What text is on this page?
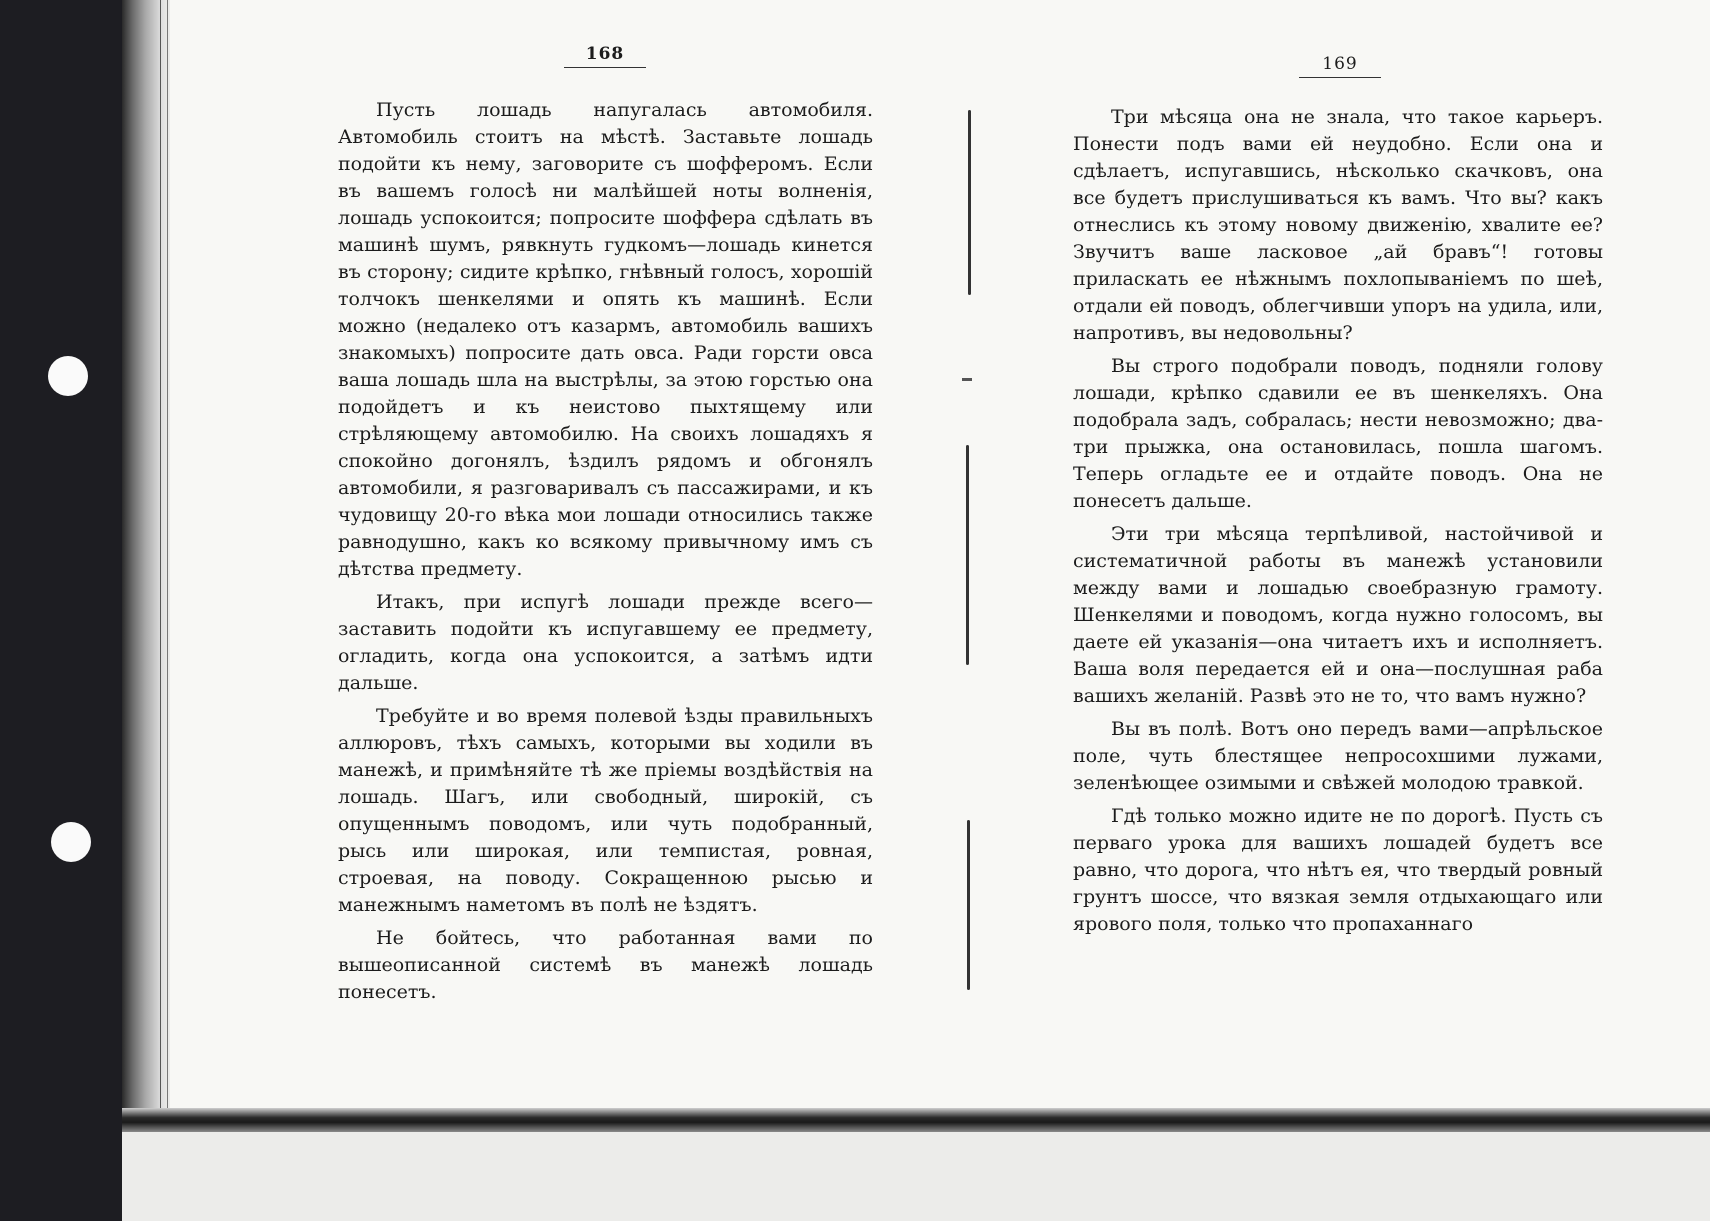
168	169

Пусть лошадь напугалась автомобиля. Автомобиль стоитъ на мѣстѣ. Заставьте лошадь подойти къ нему, заговорите съ шофферомъ. Если въ вашемъ голосѣ ни малѣйшей ноты волненія, лошадь успокоится; попросите шоффера сдѣлать въ машинѣ шумъ, рявкнуть гудкомъ—лошадь кинется въ сторону; сидите крѣпко, гнѣвный голосъ, хорошій толчокъ шенкелями и опять къ машинѣ. Если можно (недалеко отъ казармъ, автомобиль вашихъ знакомыхъ) попросите дать овса. Ради горсти овса ваша лошадь шла на выстрѣлы, за этою горстью она подойдетъ и къ неистово пыхтящему или стрѣляющему автомобилю. На своихъ лошадяхъ я спокойно догонялъ, ѣздилъ рядомъ и обгонялъ автомобили, я разговаривалъ съ пассажирами, и къ чудовищу 20-го вѣка мои лошади относились также равнодушно, какъ ко всякому привычному имъ съ дѣтства предмету.

Итакъ, при испугѣ лошади прежде всего—заставить подойти къ испугавшему ее предмету, огладить, когда она успокоится, а затѣмъ идти дальше.

Требуйте и во время полевой ѣзды правильныхъ аллюровъ, тѣхъ самыхъ, которыми вы ходили въ манежѣ, и примѣняйте тѣ же пріемы воздѣйствія на лошадь. Шагъ, или свободный, широкій, съ опущеннымъ поводомъ, или чуть подобранный, рысь или широкая, или темпистая, ровная, строевая, на поводу. Сокращенною рысью и манежнымъ наметомъ въ полѣ не ѣздятъ.

Не бойтесь, что работанная вами по вышеописанной системѣ въ манежѣ лошадь понесетъ.

Три мѣсяца она не знала, что такое карьеръ. Понести подъ вами ей неудобно. Если она и сдѣлаетъ, испугавшись, нѣсколько скачковъ, она все будетъ прислушиваться къ вамъ. Что вы? какъ отнеслись къ этому новому движенію, хвалите ее? Звучитъ ваше ласковое „ай бравъ“! готовы приласкать ее нѣжнымъ похлопываніемъ по шеѣ, отдали ей поводъ, облегчивши упоръ на удила, или, напротивъ, вы недовольны?

Вы строго подобрали поводъ, подняли голову лошади, крѣпко сдавили ее въ шенкеляхъ. Она подобрала задъ, собралась; нести невозможно; двa-три прыжка, она остановилась, пошла шагомъ. Теперь огладьте ее и отдайте поводъ. Она не понесетъ дальше.

Эти три мѣсяца терпѣливой, настойчивой и систематичной работы въ манежѣ установили между вами и лошадью своебразную грамоту. Шенкелями и поводомъ, когда нужно голосомъ, вы даете ей указанія—она читаетъ ихъ и исполняетъ. Ваша воля передается ей и она—послушная раба вашихъ желаній. Развѣ это не то, что вамъ нужно?

Вы въ полѣ. Вотъ оно передъ вами—апрѣльское поле, чуть блестящее непросохшими лужами, зеленѣющее озимыми и свѣжей молодою травкой.

Гдѣ только можно идите не по дорогѣ. Пусть съ перваго урока для вашихъ лошадей будетъ все равно, что дорога, что нѣтъ ея, что твердый ровный грунтъ шоссе, что вязкая земля отдыхающаго или ярового поля, только что пропаханнаго
